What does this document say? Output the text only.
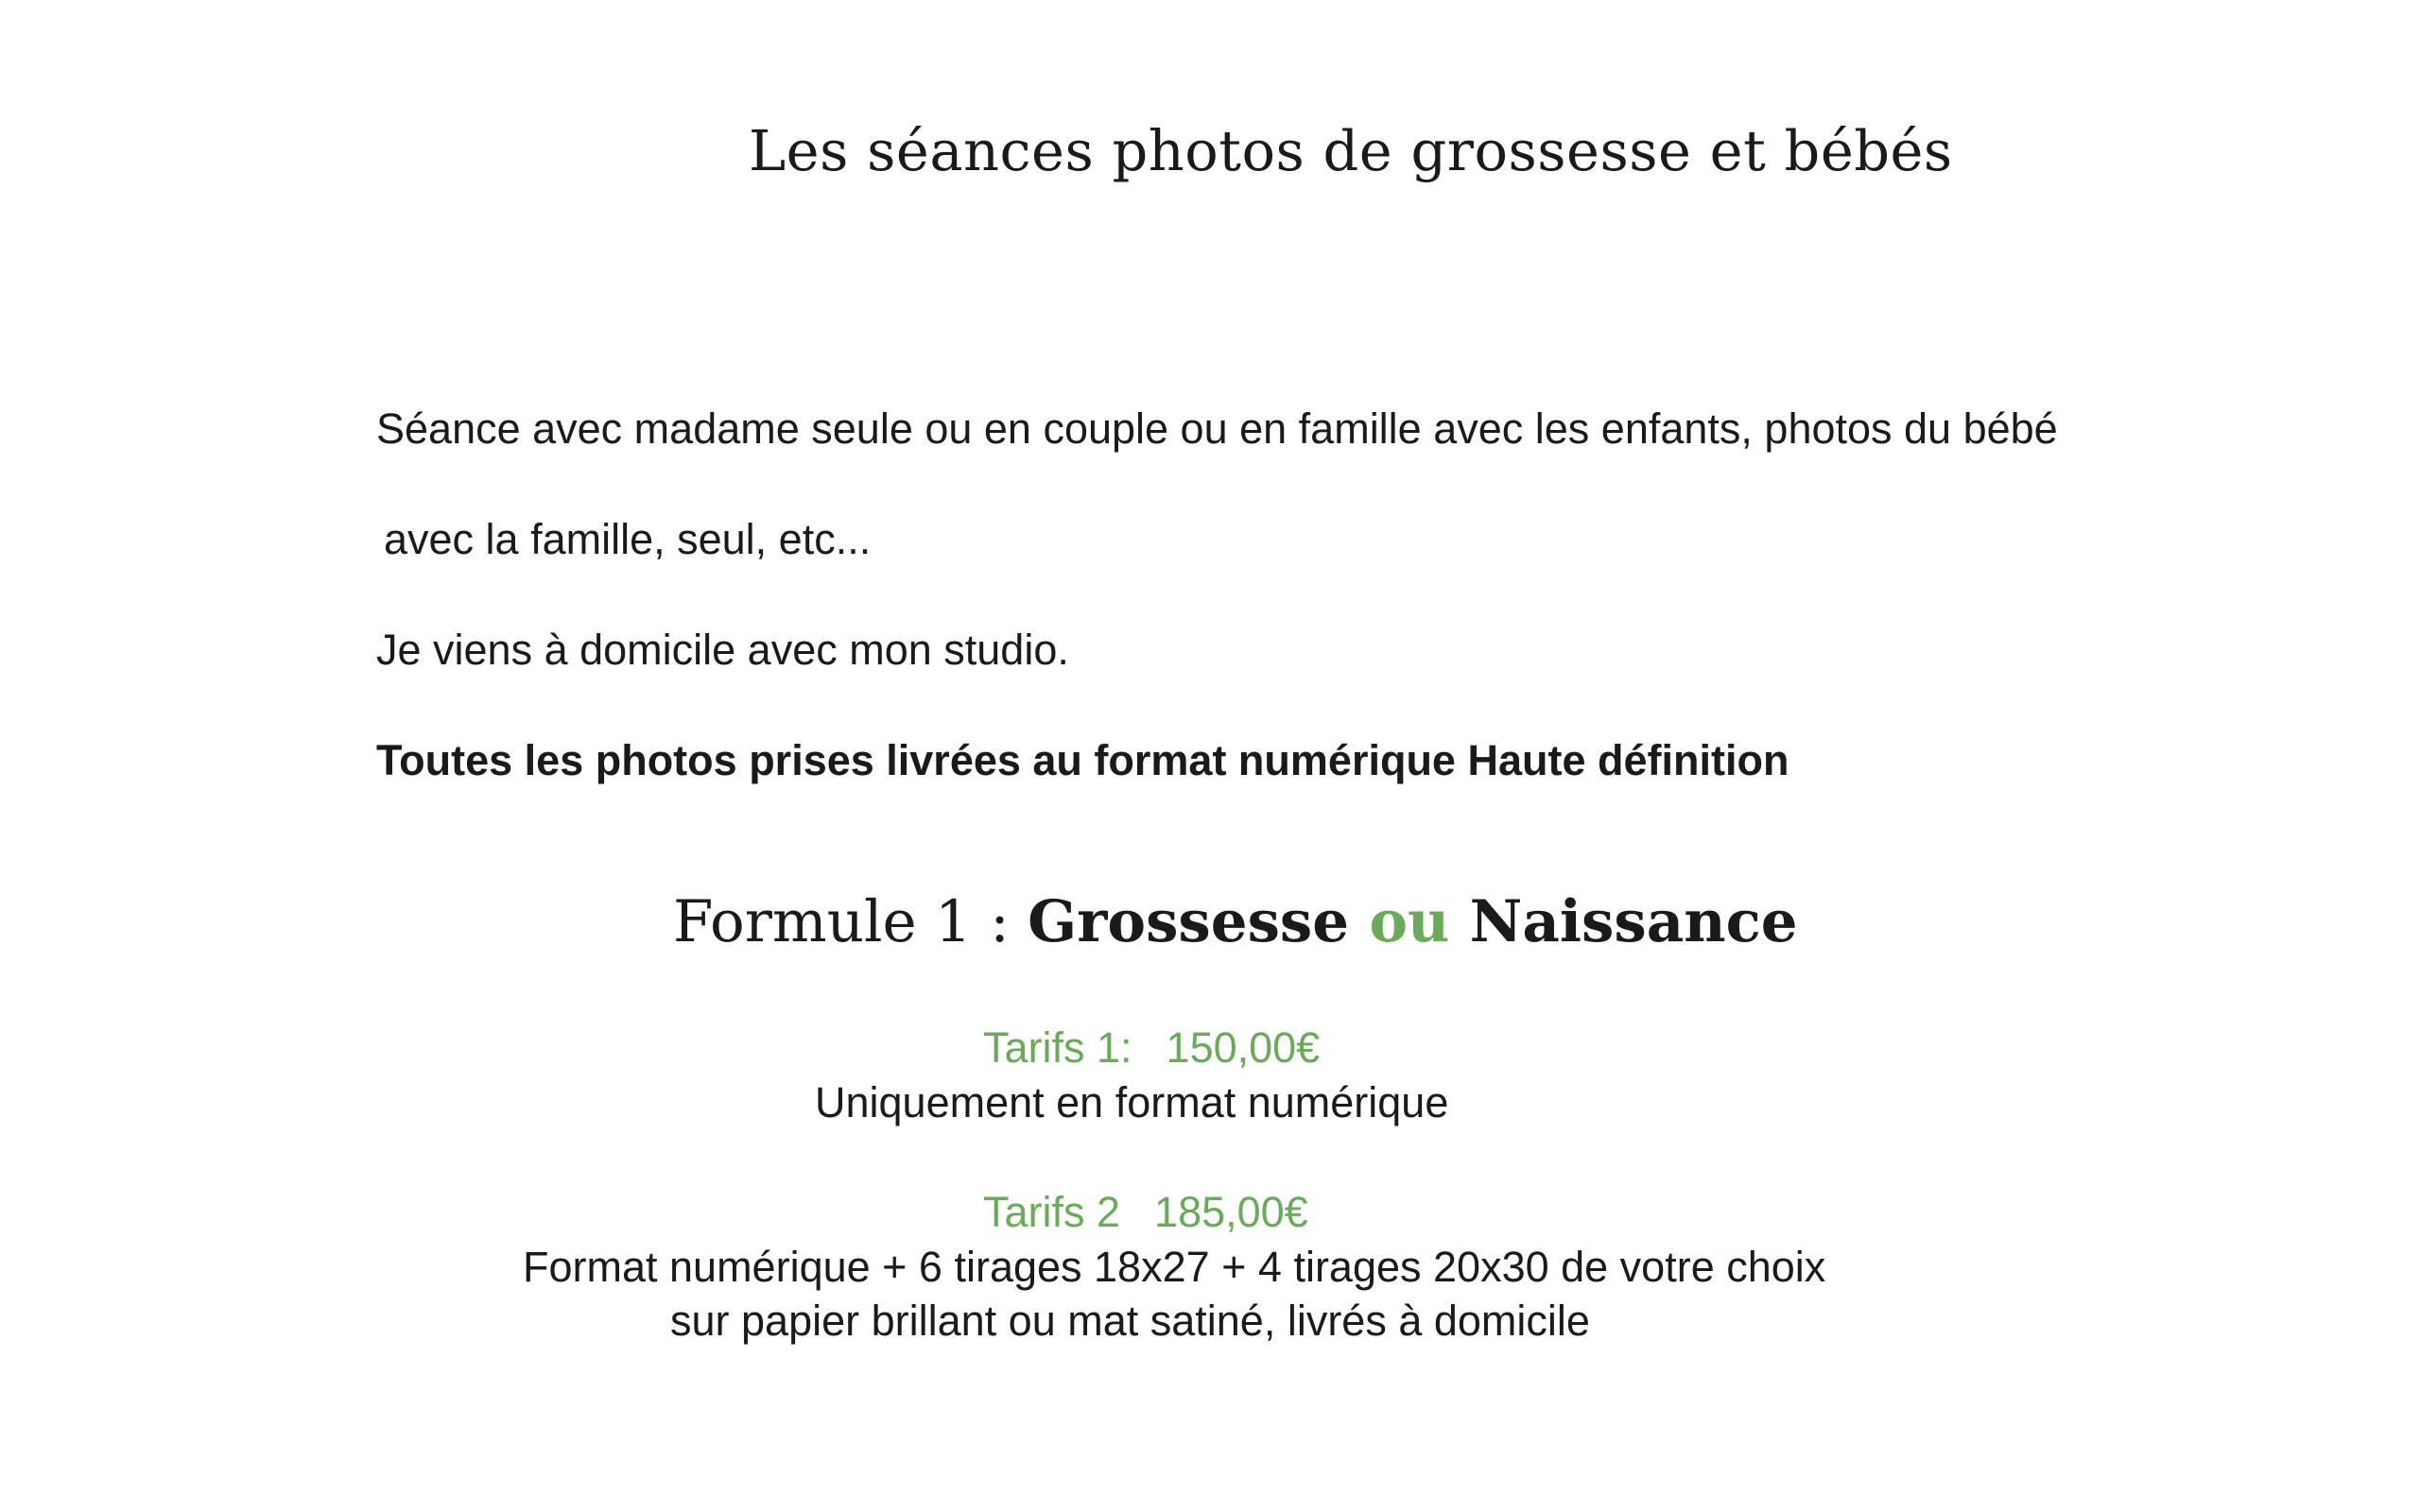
Les séances photos de grossesse et bébés
Séance avec madame seule ou en couple ou en famille avec les enfants, photos du bébé
avec la famille, seul, etc...
Je viens à domicile avec mon studio.
Toutes les photos prises livrées au format numérique Haute définition
Formule 1 : Grossesse ou Naissance
Tarifs 1: 150,00€
Uniquement en format numérique
Tarifs 2 185,00€
Format numérique + 6 tirages 18x27 + 4 tirages 20x30 de votre choix
sur papier brillant ou mat satiné, livrés à domicile
